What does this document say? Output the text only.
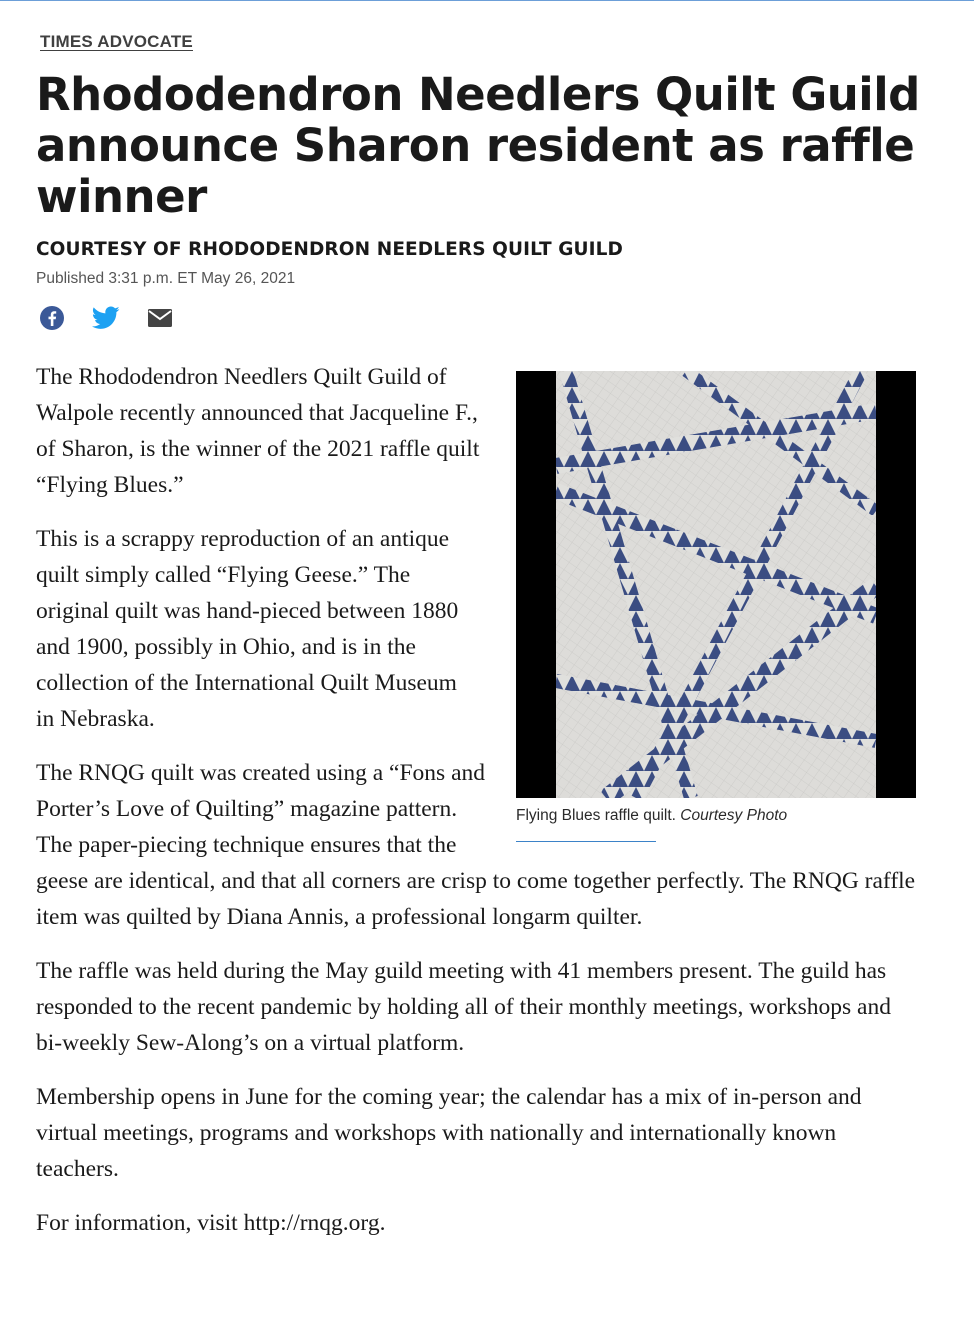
TIMES ADVOCATE
Rhododendron Needlers Quilt Guild announce Sharon resident as raffle winner
COURTESY OF RHODODENDRON NEEDLERS QUILT GUILD
Published 3:31 p.m. ET May 26, 2021
Flying Blues raffle quilt. Courtesy Photo

The Rhododendron Needlers Quilt Guild of Walpole recently announced that Jacqueline F., of Sharon, is the winner of the 2021 raffle quilt “Flying Blues.”

This is a scrappy reproduction of an antique quilt simply called “Flying Geese.” The original quilt was hand-pieced between 1880 and 1900, possibly in Ohio, and is in the collection of the International Quilt Museum in Nebraska.

The RNQG quilt was created using a “Fons and Porter’s Love of Quilting” magazine pattern. The paper-piecing technique ensures that the geese are identical, and that all corners are crisp to come together perfectly. The RNQG raffle item was quilted by Diana Annis, a professional longarm quilter.

The raffle was held during the May guild meeting with 41 members present. The guild has responded to the recent pandemic by holding all of their monthly meetings, workshops and bi-weekly Sew-Along’s on a virtual platform.

Membership opens in June for the coming year; the calendar has a mix of in-person and virtual meetings, programs and workshops with nationally and internationally known teachers.

For information, visit http://rnqg.org.
